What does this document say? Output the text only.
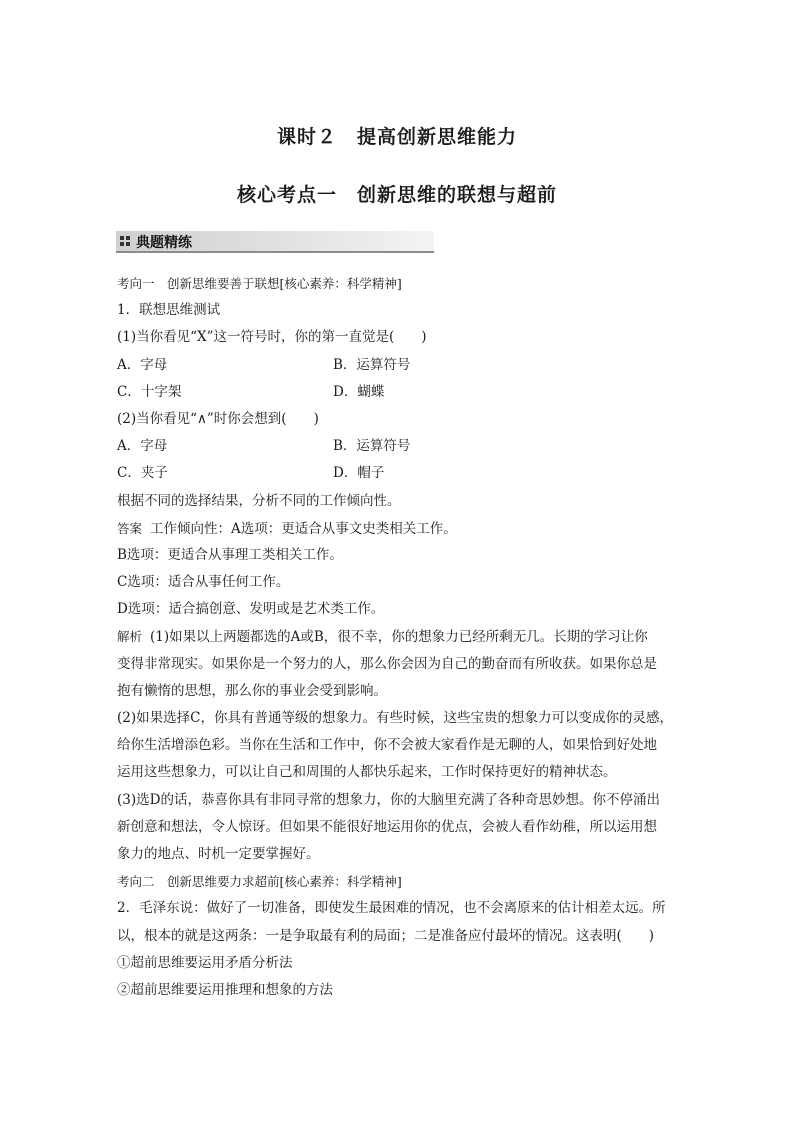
课时２　提高创新思维能力
核心考点一　创新思维的联想与超前
典题精练
考向一　创新思维要善于联想[核心素养：科学精神]
1．联想思维测试
(1)当你看见“X”这一符号时，你的第一直觉是(　　)
A．字母	B．运算符号
C．十字架	D．蝴蝶
(2)当你看见“∧”时你会想到(　　)
A．字母	B．运算符号
C．夹子	D．帽子
根据不同的选择结果，分析不同的工作倾向性。
答案 工作倾向性：A选项：更适合从事文史类相关工作。
B选项：更适合从事理工类相关工作。
C选项：适合从事任何工作。
D选项：适合搞创意、发明或是艺术类工作。
解析 (1)如果以上两题都选的A或B，很不幸，你的想象力已经所剩无几。长期的学习让你
变得非常现实。如果你是一个努力的人，那么你会因为自己的勤奋而有所收获。如果你总是
抱有懒惰的思想，那么你的事业会受到影响。
(2)如果选择C，你具有普通等级的想象力。有些时候，这些宝贵的想象力可以变成你的灵感，
给你生活增添色彩。当你在生活和工作中，你不会被大家看作是无聊的人，如果恰到好处地
运用这些想象力，可以让自己和周围的人都快乐起来，工作时保持更好的精神状态。
(3)选D的话，恭喜你具有非同寻常的想象力，你的大脑里充满了各种奇思妙想。你不停涌出
新创意和想法，令人惊讶。但如果不能很好地运用你的优点，会被人看作幼稚，所以运用想
象力的地点、时机一定要掌握好。
考向二　创新思维要力求超前[核心素养：科学精神]
2．毛泽东说：做好了一切准备，即使发生最困难的情况，也不会离原来的估计相差太远。所
以，根本的就是这两条：一是争取最有利的局面；二是准备应付最坏的情况。这表明(　　)
①超前思维要运用矛盾分析法
②超前思维要运用推理和想象的方法
